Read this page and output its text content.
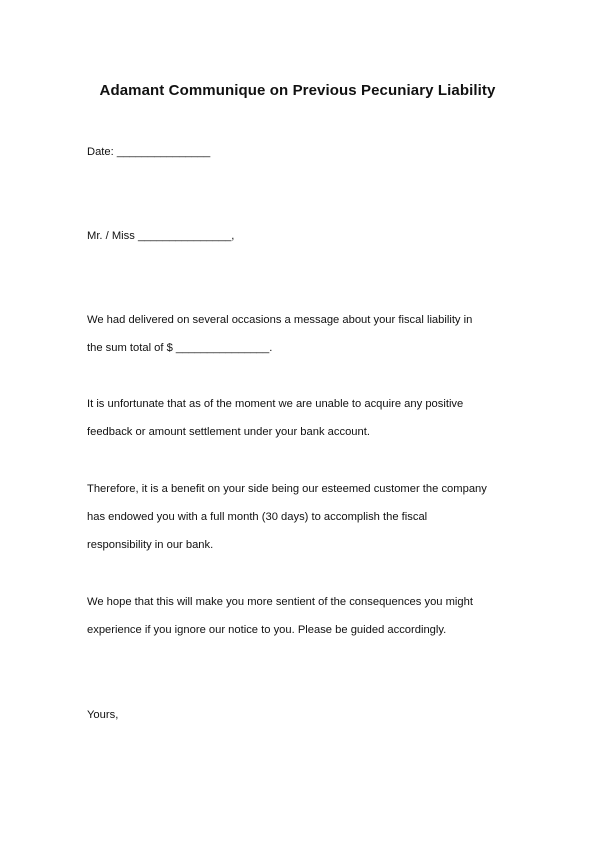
Adamant Communique on Previous Pecuniary Liability
Date: _______________
Mr. / Miss _______________,
We had delivered on several occasions a message about your fiscal liability in
the sum total of $ _______________.
It is unfortunate that as of the moment we are unable to acquire any positive
feedback or amount settlement under your bank account.
Therefore, it is a benefit on your side being our esteemed customer the company
has endowed you with a full month (30 days) to accomplish the fiscal
responsibility in our bank.
We hope that this will make you more sentient of the consequences you might
experience if you ignore our notice to you. Please be guided accordingly.
Yours,
